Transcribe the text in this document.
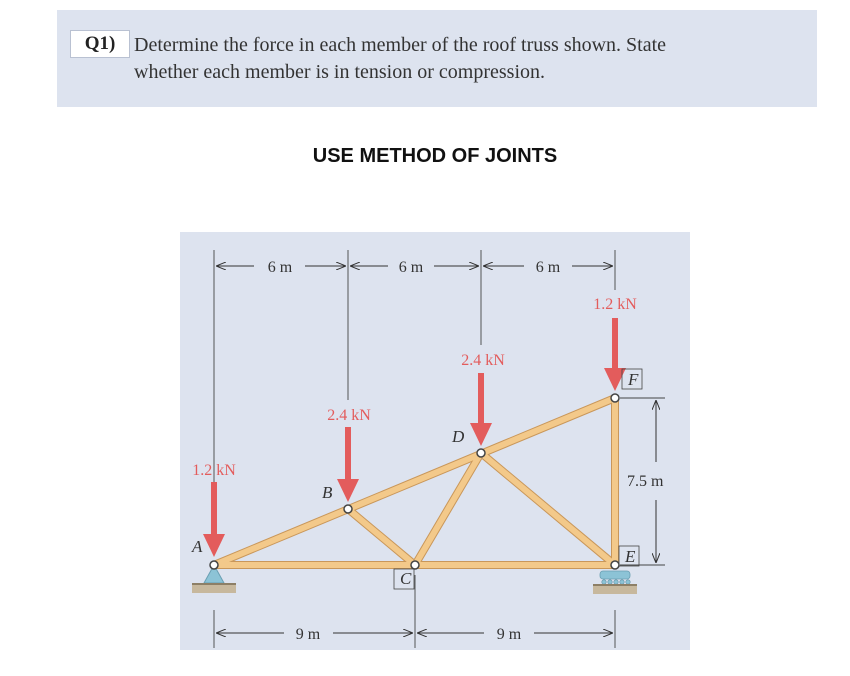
Q1) Determine the force in each member of the roof truss shown. State
whether each member is in tension or compression.
USE METHOD OF JOINTS
6 m	6 m	6 m
9 m	9 m
7.5 m
1.2 kN
2.4 kN
2.4 kN
1.2 kN
A
B
C
D
E
F
